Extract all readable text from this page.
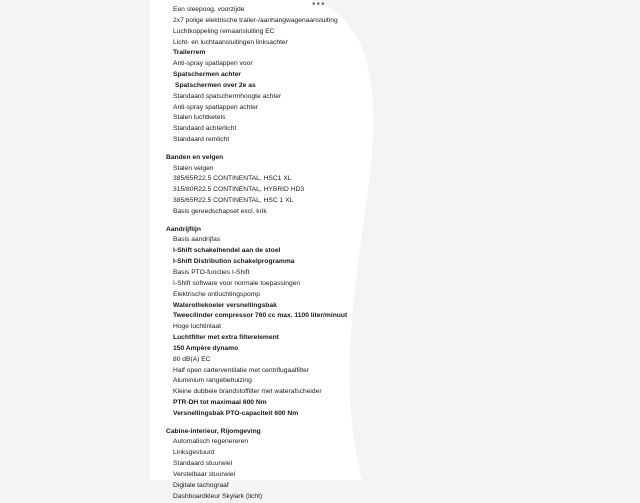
•••
Een sleepoog, voorzijde
2x7 polige elektrische trailer-/aanhangwagenaansluiting
Luchtkoppeling remaansluiting EC
Licht- en luchtaansluitingen linksachter
Trailerrem
Anti-spray spatlappen voor
Spatschermen achter
Spatschermen over 2e as
Standaard spatschermhoogte achter
Anti-spray spatlappen achter
Stalen luchtketels
Standaard achterlicht
Standaard remlicht
Banden en velgen
Stalen velgen
385/65R22.5 CONTINENTAL, HSC1 XL
315/80R22.5 CONTINENTAL, HYBRID HD3
385/65R22.5 CONTINENTAL, HSC 1 XL
Basis gereedschapset excl. krik
Aandrijflijn
Basis aandrijfas
I-Shift schakelhendel aan de stoel
I-Shift Distribution schakelprogramma
Basis PTO-functies I-Shift
I-Shift software voor normale toepassingen
Elektrische ontluchtingspomp
Waterolliekoeler versnellingsbak
Tweecilinder compressor 760 cc max. 1100 liter/minuut
Hoge luchtinlaat
Luchtfilter met extra filterelement
150 Ampère dynamo
80 dB(A) EC
Half open carterventilatie met centrifugaalfilter
Aluminium rangebehuizing
Kleine dubbele brandstoffilter met waterafscheider
PTR-DH tot maximaal 600 Nm
Versnellingsbak PTO-capaciteit 600 Nm
Cabine-interieur, Rijomgeving
Automatisch regenereren
Linksgestuurd
Standaard stuurwiel
Verstelbaar stuurwiel
Digitale tachograaf
Dashboardkleur Skylark (licht)
